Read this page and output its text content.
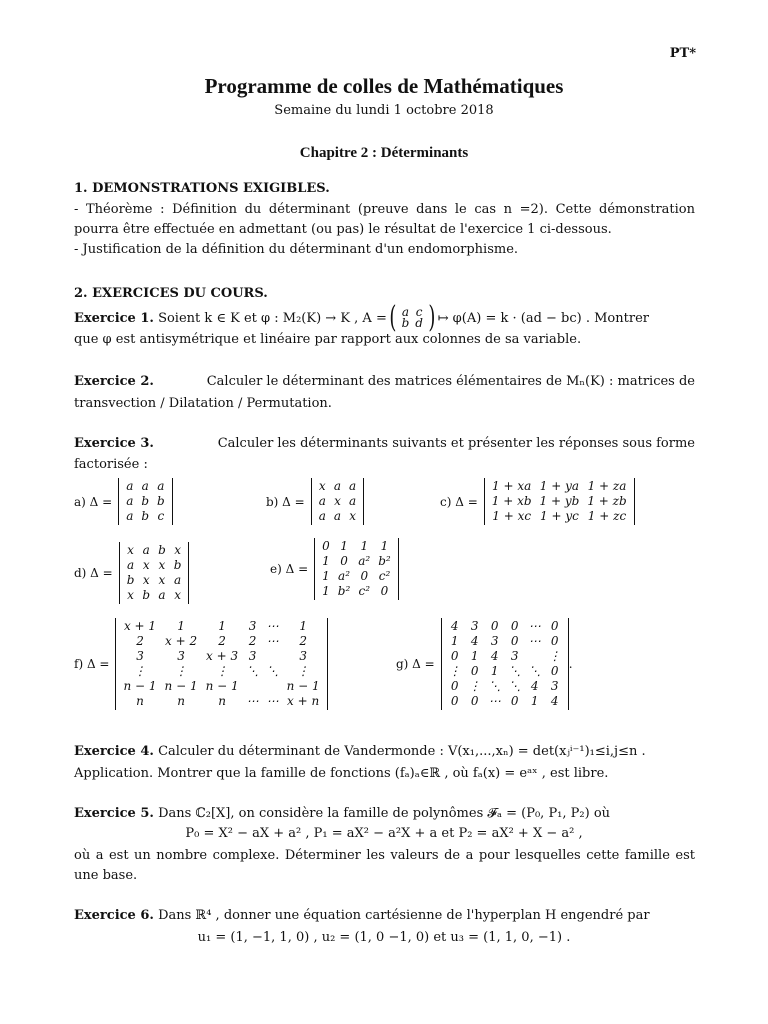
PT*
Programme de colles de Mathématiques
Semaine du lundi 1 octobre 2018
Chapitre 2 : Déterminants
1. DEMONSTRATIONS EXIGIBLES.
- Théorème : Définition du déterminant (preuve dans le cas n =2). Cette démonstration
pourra être effectuée en admettant (ou pas) le résultat de l'exercice 1 ci-dessous.
- Justification de la définition du déterminant d'un endomorphisme.
2. EXERCICES DU COURS.
Exercice 1.
Soient k ∈ K et φ : M₂(K) → K , A = ( a	c
b	d ) ↦ φ(A) = k · (ad − bc) . Montrer
que φ est antisymétrique et linéaire par rapport aux colonnes de sa variable.
Exercice 2.	Calculer le déterminant des matrices élémentaires de Mₙ(K) : matrices de
transvection / Dilatation / Permutation.
Exercice 3.	Calculer les déterminants suivants et présenter les réponses sous forme
factorisée :
a) Δ =
a	a	a
a	b	b
a	b	c
b) Δ =
x	a	a
a	x	a
a	a	x
c) Δ =
1 + xa	1 + ya	1 + za
1 + xb	1 + yb	1 + zb
1 + xc	1 + yc	1 + zc
d) Δ =
x	a	b	x
a	x	x	b
b	x	x	a
x	b	a	x
e) Δ =
0	1	1	1
1	0	a²	b²
1	a²	0	c²
1	b²	c²	0
f) Δ =
x + 1	1	1	3	⋯	1
2	x + 2	2	2	⋯	2
3	3	x + 3	3		3
⋮	⋮	⋮	⋱	⋱	⋮
n − 1	n − 1	n − 1			n − 1
n	n	n	⋯	⋯	x + n
g) Δ =
4	3	0	0	⋯	0
1	4	3	0	⋯	0
0	1	4	3		⋮
⋮	0	1	⋱	⋱	0
0	⋮	⋱	⋱	4	3
0	0	⋯	0	1	4
.
Exercice 4.
Calculer du déterminant de Vandermonde : V(x₁,...,xₙ) = det(xⱼⁱ⁻¹)₁≤i,j≤n .
Application. Montrer que la famille de fonctions (fₐ)ₐ∈ℝ , où fₐ(x) = eᵃˣ , est libre.
Exercice 5.
Dans ℂ₂[X], on considère la famille de polynômes 𝓕ₐ = (P₀, P₁, P₂) où
P₀ = X² − aX + a² , P₁ = aX² − a²X + a et P₂ = aX² + X − a² ,
où a est un nombre complexe. Déterminer les valeurs de a pour lesquelles cette famille est
une base.
Exercice 6.
Dans ℝ⁴ , donner une équation cartésienne de l'hyperplan H engendré par
u₁ = (1, −1, 1, 0) , u₂ = (1, 0 −1, 0) et u₃ = (1, 1, 0, −1) .
